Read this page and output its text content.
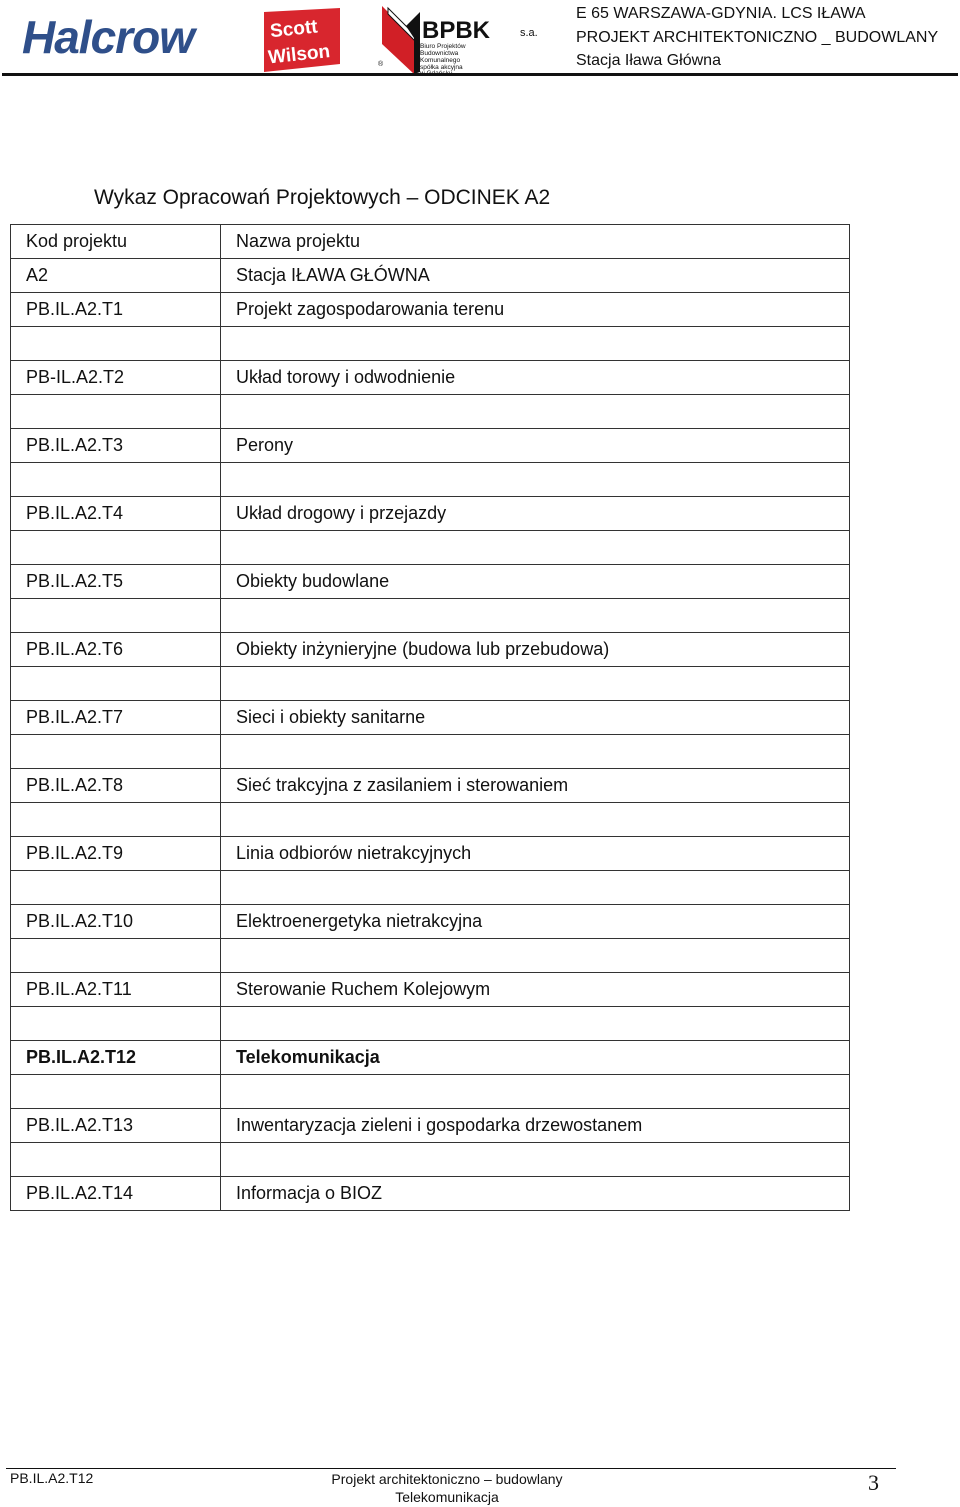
Halcrow	Scott
Wilson
BPBK	s.a.
Biuro Projektów
Budownictwa
Komunalnego
spółka akcyjna
®
E 65 WARSZAWA-GDYNIA. LCS IŁAWA
PROJEKT ARCHITEKTONICZNO _ BUDOWLANY
Stacja Iława Główna
Wykaz Opracowań Projektowych – ODCINEK A2
Kod projektu	Nazwa projektu
A2	Stacja IŁAWA GŁÓWNA
PB.IL.A2.T1	Projekt zagospodarowania terenu

PB-IL.A2.T2	Układ torowy i odwodnienie

PB.IL.A2.T3	Perony

PB.IL.A2.T4	Układ drogowy i przejazdy

PB.IL.A2.T5	Obiekty budowlane

PB.IL.A2.T6	Obiekty inżynieryjne (budowa lub przebudowa)

PB.IL.A2.T7	Sieci i obiekty sanitarne

PB.IL.A2.T8	Sieć trakcyjna z zasilaniem i sterowaniem

PB.IL.A2.T9	Linia odbiorów nietrakcyjnych

PB.IL.A2.T10	Elektroenergetyka nietrakcyjna

PB.IL.A2.T11	Sterowanie Ruchem Kolejowym

PB.IL.A2.T12	Telekomunikacja

PB.IL.A2.T13	Inwentaryzacja zieleni i gospodarka drzewostanem

PB.IL.A2.T14	Informacja o BIOZ
PB.IL.A2.T12	Projekt architektoniczno – budowlany
Telekomunikacja
3
